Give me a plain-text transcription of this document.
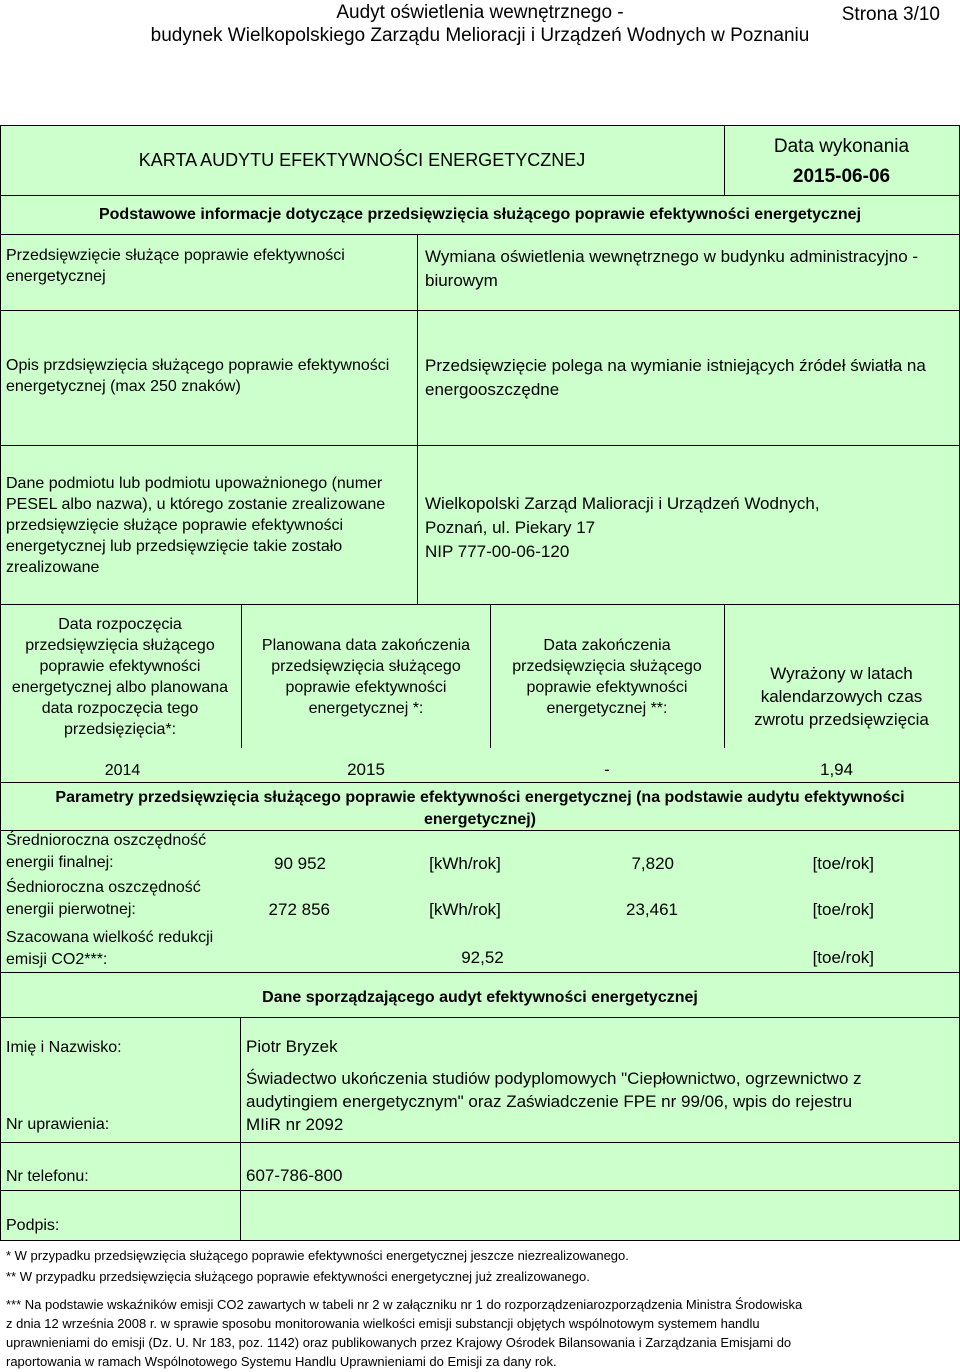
Audyt oświetlenia wewnętrznego -
budynek Wielkopolskiego Zarządu Melioracji i Urządzeń Wodnych w Poznaniu
Strona 3/10
KARTA AUDYTU EFEKTYWNOŚCI ENERGETYCZNEJ
Data wykonania
2015-06-06
Podstawowe informacje dotyczące przedsięwzięcia służącego poprawie efektywności energetycznej
Przedsięwzięcie służące poprawie efektywności energetycznej
Wymiana oświetlenia wewnętrznego w budynku administracyjno - biurowym
Opis przdsięwzięcia służącego poprawie efektywności energetycznej (max 250 znaków)
Przedsięwzięcie polega na wymianie istniejących źródeł światła na energooszczędne
Dane podmiotu lub podmiotu upoważnionego (numer PESEL albo nazwa), u którego zostanie zrealizowane przedsięwzięcie służące poprawie efektywności energetycznej lub przedsięwzięcie takie zostało zrealizowane
Wielkopolski Zarząd Malioracji i Urządzeń Wodnych,
Poznań, ul. Piekary 17
NIP 777-00-06-120
Data rozpoczęcia przedsięwzięcia służącego poprawie efektywności energetycznej albo planowana data rozpoczęcia tego przedsięzięcia*:
Planowana data zakończenia przedsięwzięcia służącego poprawie efektywności energetycznej *:
Data zakończenia przedsięwzięcia służącego poprawie efektywności energetycznej **:
Wyrażony w latach kalendarzowych czas zwrotu przedsięwzięcia
2014	2015	-	1,94
Parametry przedsięwzięcia służącego poprawie efektywności energetycznej (na podstawie audytu efektywności energetycznej)
Średnioroczna oszczędność
energii finalnej:	90 952	[kWh/rok]	7,820	[toe/rok]
Śednioroczna oszczędność
energii pierwotnej:	272 856	[kWh/rok]	23,461	[toe/rok]
Szacowana wielkość redukcji
emisji CO2***:	92,52	[toe/rok]
Dane sporządzającego audyt efektywności energetycznej
Imię i Nazwisko:	Piotr Bryzek
Nr uprawienia:
Świadectwo ukończenia studiów podyplomowych "Ciepłownictwo, ogrzewnictwo z
audytingiem energetycznym" oraz Zaświadczenie FPE nr 99/06, wpis do rejestru
MIiR nr 2092
Nr telefonu:	607-786-800
Podpis:
* W przypadku przedsięwzięcia służącego poprawie efektywności energetycznej jeszcze niezrealizowanego.
** W przypadku przedsięwzięcia służącego poprawie efektywności energetycznej już zrealizowanego.
*** Na podstawie wskaźników emisji CO2 zawartych w tabeli nr 2 w załączniku nr 1 do rozporządzeniarozporządzenia Ministra Środowiska
z dnia 12 września 2008 r. w sprawie sposobu monitorowania wielkości emisji substancji objętych wspólnotowym systemem handlu
uprawnieniami do emisji (Dz. U. Nr 183, poz. 1142) oraz publikowanych przez Krajowy Ośrodek Bilansowania i Zarządzania Emisjami do
raportowania w ramach Wspólnotowego Systemu Handlu Uprawnieniami do Emisji za dany rok.
